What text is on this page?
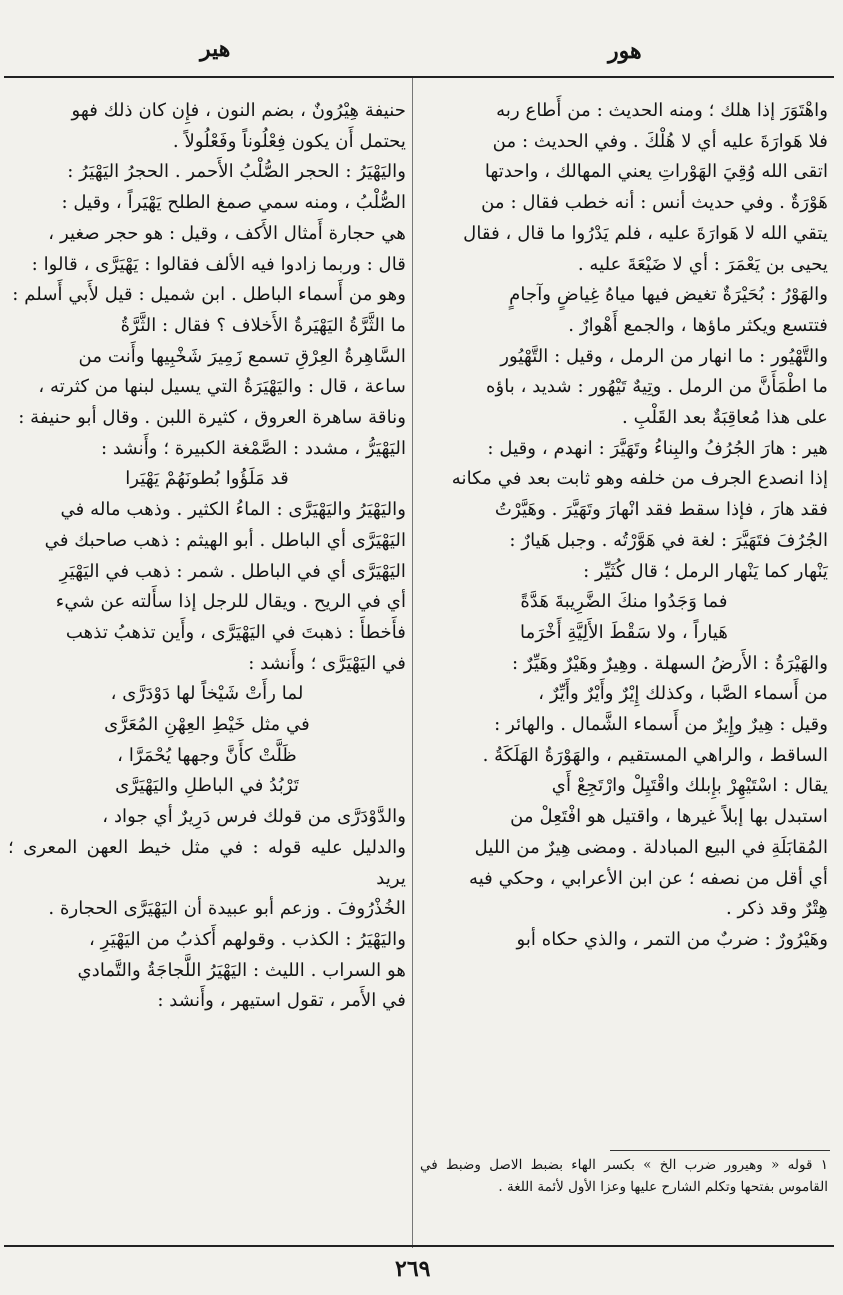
هور
هير

واهْتَوَرَ إذا هلك ؛ ومنه الحديث : من أَطاع ربه

فلا هَوارَةَ عليه أي لا هُلْكَ . وفي الحديث : من

اتقى الله وُقِيَ الهَوْراتِ يعني المهالك ، واحدتها

هَوْرَةٌ . وفي حديث أنس : أنه خطب فقال : من

يتقي الله لا هَوارَةَ عليه ، فلم يَدْرُوا ما قال ، فقال

يحيى بن يَعْمَرَ : أي لا ضَيْعَةَ عليه .

والهَوْرُ : بُحَيْرَةٌ تغيض فيها مياهُ غِياضٍ وآجامٍ

فتتسع ويكثر ماؤها ، والجمع أَهْوارٌ .

والتَّهْيُور : ما انهار من الرمل ، وقيل : التَّهْيُور

ما اطْمَأَنَّ من الرمل . وتِيهٌ تَيْهُور : شديد ، باؤه

على هذا مُعاقِبَةٌ بعد القَلْبِ .

هير : هارَ الجُرُفُ والبِناءُ وتَهَيَّرَ : انهدم ، وقيل :

إذا انصدع الجرف من خلفه وهو ثابت بعد في مكانه

فقد هارَ ، فإذا سقط فقد انْهارَ وتَهَيَّرَ . وهَيَّرْتُ

الجُرُفَ فتَهَيَّرَ : لغة في هَوَّرْتُه . وجبل هَيارٌ :

يَنْهار كما يَنْهار الرمل ؛ قال كُثَيِّر :

فما وَجَدُوا منكَ الضَّرِيبةَ هَدَّةً

هَياراً ، ولا سَقْطَ الأَلِيَّةِ أَخْرَما

والهَيْرَةُ : الأَرضُ السهلة . وهِيرٌ وهَيْرٌ وهَيِّرٌ :

من أَسماء الصَّبا ، وكذلك إِيْرٌ وأَيْرٌ وأَيِّرٌ ،

وقيل : هِيرٌ وإِيرٌ من أَسماء الشَّمال . والهائر :

الساقط ، والراهي المستقيم ، والهَوْرَةُ الهَلَكَةُ .

يقال : اسْتَيْهِرْ بإِبلك واقْتَيِلْ وارْتَجِعْ أَي

استبدل بها إبلاً غيرها ، واقتيل هو افْتَعِلْ من

المُقابَلَةِ في البيع المبادلة . ومضى هِيرٌ من الليل

أي أقل من نصفه ؛ عن ابن الأعرابي ، وحكي فيه

هِتْرٌ وقد ذكر .

وهَيْرُورٌ : ضربٌ من التمر ، والذي حكاه أبو

حنيفة هِيْرُونٌ ، بضم النون ، فإِن كان ذلك فهو

يحتمل أَن يكون فِعْلُوناً وفَعْلُولاً .

واليَهْيَرُ : الحجر الصُّلْبُ الأَحمر . الحجرُ اليَهْيَرُ :

الصُّلْبُ ، ومنه سمي صمغ الطلح يَهْيَراً ، وقيل :

هي حجارة أَمثال الأَكف ، وقيل : هو حجر صغير ،

قال : وربما زادوا فيه الألف فقالوا : يَهْيَرَّى ، قالوا :

وهو من أَسماء الباطل . ابن شميل : قيل لأَبي أَسلم :

ما الثَّرَّةُ اليَهْيَرةُ الأَخلاف ؟ فقال : الثَّرَّةُ

السَّاهِرةُ العِرْقِ تسمع زَمِيرَ شَخْبِيها وأَنت من

ساعة ، قال : واليَهْيَرَةُ التي يسيل لبنها من كثرته ،

وناقة ساهرة العروق ، كثيرة اللبن . وقال أبو حنيفة :

اليَهْيَرُّ ، مشدد : الصَّمْغة الكبيرة ؛ وأَنشد :

قد مَلَؤُوا بُطونَهُمْ يَهْيَرا

واليَهْيَرُ واليَهْيَرَّى : الماءُ الكثير . وذهب ماله في

اليَهْيَرَّى أي الباطل . أبو الهيثم : ذهب صاحبك في

اليَهْيَرَّى أي في الباطل . شمر : ذهب في اليَهْيَرِ

أي في الريح . ويقال للرجل إذا سأَلته عن شيء

فأَخطأَ : ذهبتَ في اليَهْيَرَّى ، وأَين تذهبُ تذهب

في اليَهْيَرَّى ؛ وأَنشد :

لما رأَتْ شَيْخاً لها دَوْدَرَّى ،

في مثل خَيْطِ العِهْنِ المُعَرَّى

ظَلَّتْ كأَنَّ وجهها يُحْمَرَّا ،

تَرْبُدُ في الباطلِ واليَهْيَرَّى

والدَّوْدَرَّى من قولك فرس دَرِيرٌ أي جواد ،

والدليل عليه قوله : في مثل خيط العهن المعرى ؛ يريد

الخُذْرُوفَ . وزعم أبو عبيدة أن اليَهْيَرَّى الحجارة .

واليَهْيَرُ : الكذب . وقولهم أَكذبُ من اليَهْيَرِ ،

هو السراب . الليث : اليَهْيَرُ اللَّجاجَةُ والتَّمادي

في الأَمر ، تقول استيهر ، وأَنشد :

١ قوله « وهيرور ضرب الخ » بكسر الهاء بضبط الاصل وضبط في القاموس بفتحها وتكلم الشارح عليها وعزا الأول لأئمة اللغة .
٢٦٩
